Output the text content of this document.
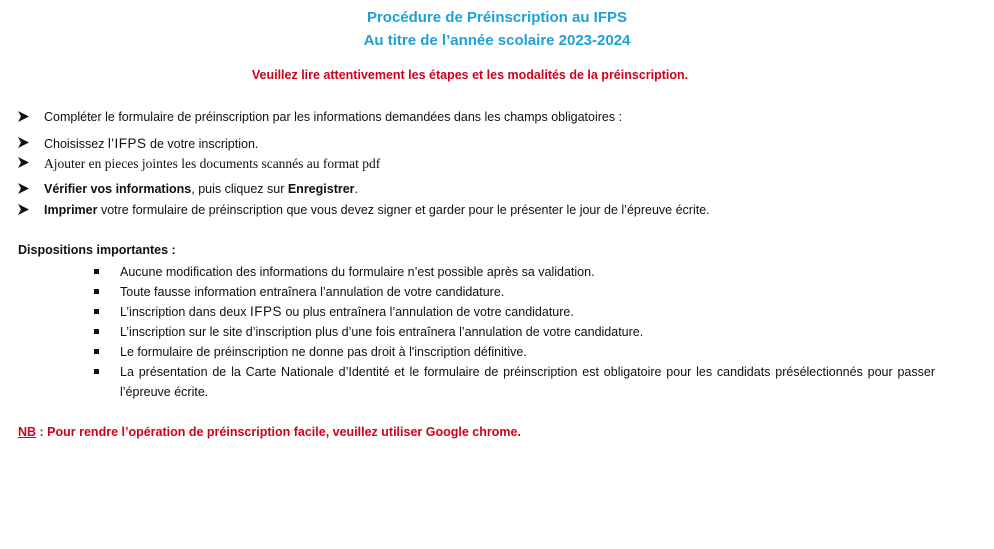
Procédure de Préinscription au IFPS
Au titre de l’année scolaire 2023-2024
Veuillez lire attentivement les étapes et les modalités de la préinscription.
Compléter le formulaire de préinscription par les informations demandées dans les champs obligatoires :
Choisissez l'IFPS de votre inscription.
Ajouter en pieces jointes les documents scannés au format pdf
Vérifier vos informations, puis cliquez sur Enregistrer.
Imprimer votre formulaire de préinscription que vous devez signer et garder pour le présenter le jour de l’épreuve écrite.
Dispositions importantes :
Aucune modification des informations du formulaire n’est possible après sa validation.
Toute fausse information entraînera l’annulation de votre candidature.
L’inscription dans deux IFPS ou plus entraînera l’annulation de votre candidature.
L’inscription sur le site d’inscription plus d’une fois entraînera l’annulation de votre candidature.
Le formulaire de préinscription ne donne pas droit à l'inscription définitive.
La présentation de la Carte Nationale d’Identité et le formulaire de préinscription est obligatoire pour les candidats présélectionnés pour passer l’épreuve écrite.
NB : Pour rendre l’opération de préinscription facile, veuillez utiliser Google chrome.
